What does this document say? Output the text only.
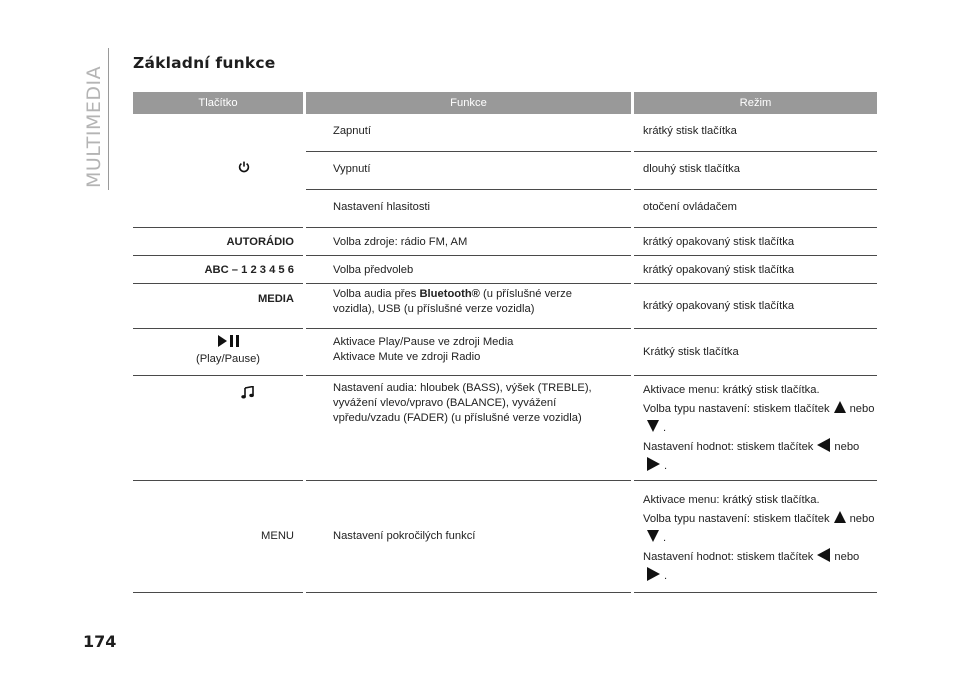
MULTIMEDIA
Základní funkce
Tlačítko		Funkce		Režim
		Zapnutí		krátký stisk tlačítka
		Vypnutí		dlouhý stisk tlačítka
		Nastavení hlasitosti		otočení ovládačem
AUTORÁDIO		Volba zdroje: rádio FM, AM		krátký opakovaný stisk tlačítka
ABC – 1 2 3 4 5 6		Volba předvoleb		krátký opakovaný stisk tlačítka
MEDIA		Volba audia přes Bluetooth® (u příslušné verze
vozidla), USB (u příslušné verze vozidla)		krátký opakovaný stisk tlačítka

(Play/Pause)		Aktivace Play/Pause ve zdroji Media
Aktivace Mute ve zdroji Radio		Krátký stisk tlačítka
		Nastavení audia: hloubek (BASS), výšek (TREBLE),
vyvážení vlevo/vpravo (BALANCE), vyvážení
vpředu/vzadu (FADER) (u příslušné verze vozidla)		Aktivace menu: krátký stisk tlačítka.
Volba typu nastavení: stiskem tlačítek nebo.
Nastavení hodnot: stiskem tlačítek nebo.
MENU		Nastavení pokročilých funkcí		Aktivace menu: krátký stisk tlačítka.
Volba typu nastavení: stiskem tlačítek nebo.
Nastavení hodnot: stiskem tlačítek nebo.
174
